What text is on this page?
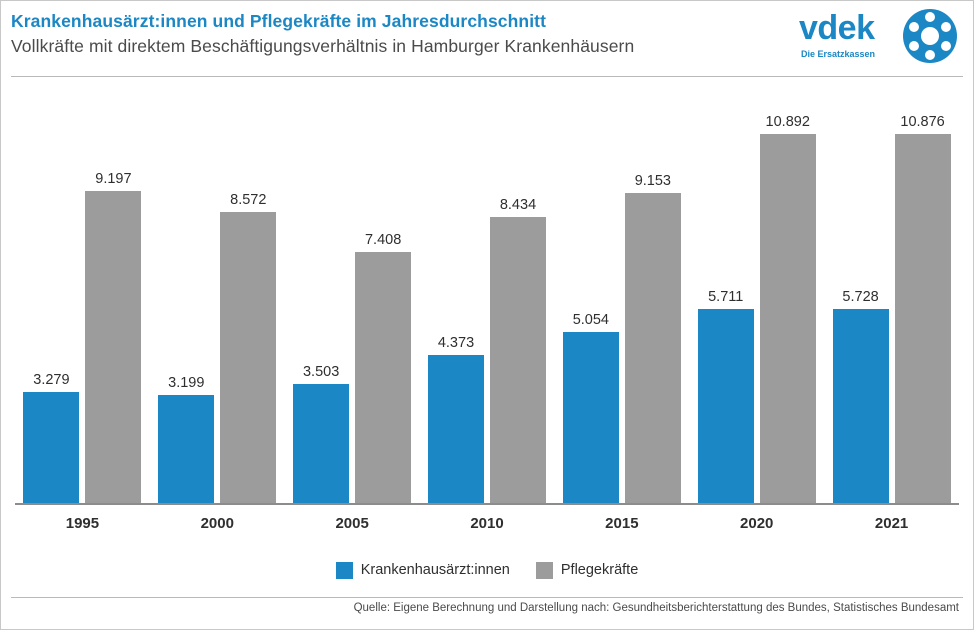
Krankenhausärzt:innen und Pflegekräfte im Jahresdurchschnitt
Vollkräfte mit direktem Beschäftigungsverhältnis in Hamburger Krankenhäusern	vdek
Die Ersatzkassen
3.279
9.197
3.199
8.572
3.503
7.408
4.373
8.434
5.054
9.153
5.711
10.892
5.728
10.876
1995	2000	2005	2010	2015	2020	2021
Krankenhausärzt:innen	Pflegekräfte
Quelle: Eigene Berechnung und Darstellung nach: Gesundheitsberichterstattung des Bundes, Statistisches Bundesamt
